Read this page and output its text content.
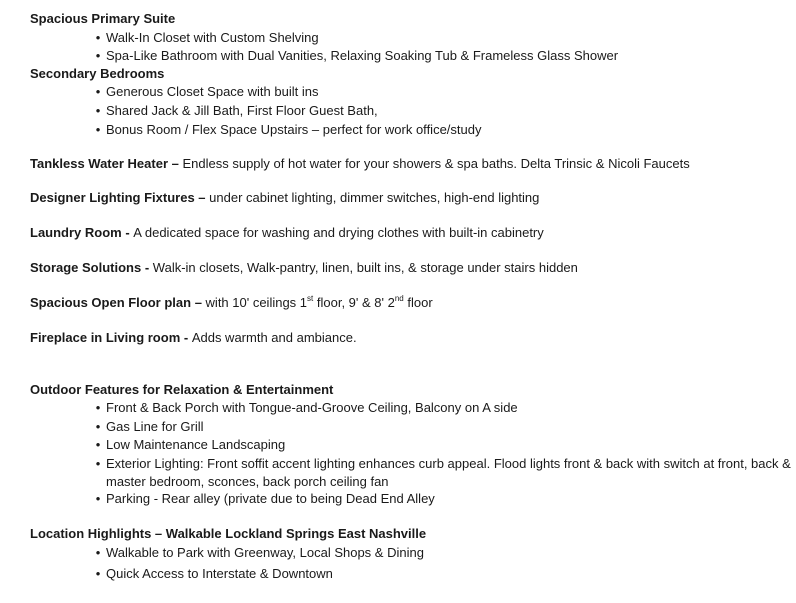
Spacious Primary Suite
• Walk-In Closet with Custom Shelving
• Spa-Like Bathroom with Dual Vanities, Relaxing Soaking Tub & Frameless Glass Shower
Secondary Bedrooms
• Generous Closet Space with built ins
• Shared Jack & Jill Bath, First Floor Guest Bath,
• Bonus Room / Flex Space Upstairs – perfect for work office/study
Tankless Water Heater – Endless supply of hot water for your showers & spa baths. Delta Trinsic & Nicoli Faucets
Designer Lighting Fixtures – under cabinet lighting, dimmer switches, high-end lighting
Laundry Room - A dedicated space for washing and drying clothes with built-in cabinetry
Storage Solutions - Walk-in closets, Walk-pantry, linen, built ins, & storage under stairs hidden
Spacious Open Floor plan – with 10' ceilings 1st floor, 9' & 8' 2nd floor
Fireplace in Living room - Adds warmth and ambiance.
Outdoor Features for Relaxation & Entertainment
• Front & Back Porch with Tongue-and-Groove Ceiling, Balcony on A side
• Gas Line for Grill
• Low Maintenance Landscaping
• Exterior Lighting: Front soffit accent lighting enhances curb appeal. Flood lights front & back with switch at front, back & master bedroom, sconces, back porch ceiling fan
• Parking - Rear alley (private due to being Dead End Alley
Location Highlights – Walkable Lockland Springs East Nashville
• Walkable to Park with Greenway, Local Shops & Dining
• Quick Access to Interstate & Downtown
